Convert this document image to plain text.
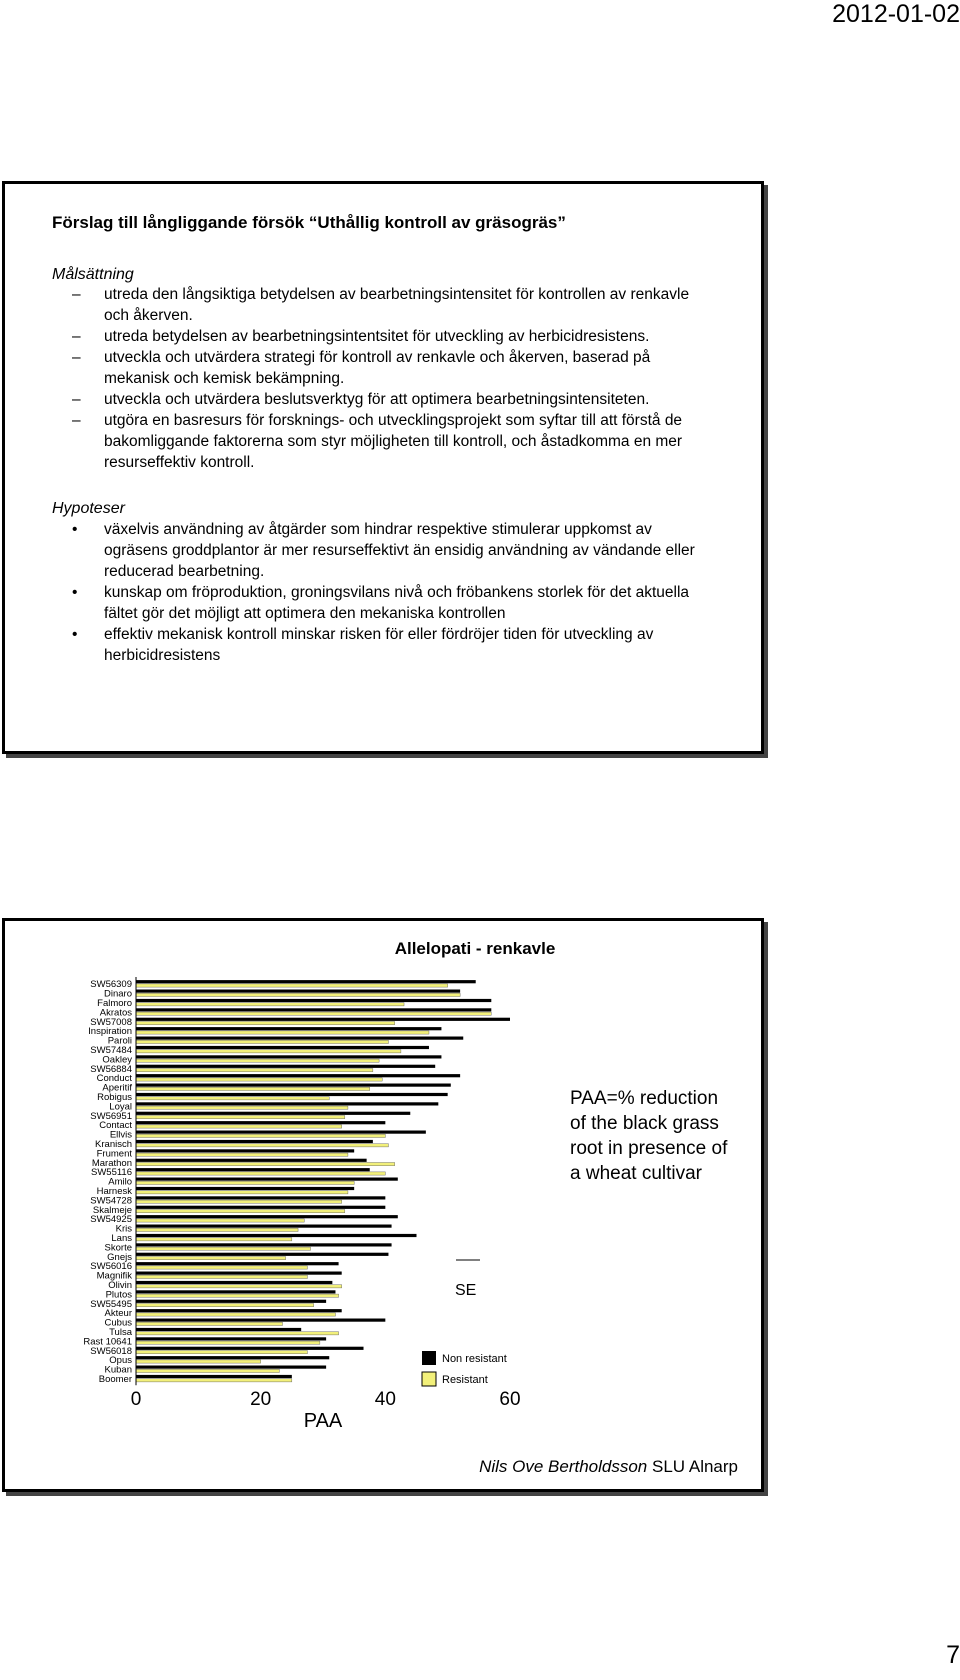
2012-01-02
Förslag till långliggande försök “Uthållig kontroll av gräsogräs”
Målsättning
– utreda den långsiktiga betydelsen av bearbetningsintensitet för kontrollen av renkavle och åkerven.
– utreda betydelsen av bearbetningsintentsitet för utveckling av herbicidresistens.
– utveckla och utvärdera strategi för kontroll av renkavle och åkerven, baserad på mekanisk och kemisk bekämpning.
– utveckla och utvärdera beslutsverktyg för att optimera bearbetningsintensiteten.
– utgöra en basresurs för forsknings- och utvecklingsprojekt som syftar till att förstå de bakomliggande faktorerna som styr möjligheten till kontroll, och åstadkomma en mer resurseffektiv kontroll.
Hypoteser
• växelvis användning av åtgärder som hindrar respektive stimulerar uppkomst av ogräsens groddplantor är mer resurseffektivt än ensidig användning av vändande eller reducerad bearbetning.
• kunskap om fröproduktion, groningsvilans nivå och fröbankens storlek för det aktuella fältet gör det möjligt att optimera den mekaniska kontrollen
• effektiv mekanisk kontroll minskar risken för eller fördröjer tiden för utveckling av herbicidresistens
Allelopati - renkavle
SW56309
Dinaro
Falmoro
Akratos
SW57008
Inspiration
Paroli
SW57484
Oakley
SW56884
Conduct
Aperitif
Robigus
Loyal
SW56951
Contact
Ellvis
Kranisch
Frument
Marathon
SW55116
Amilo
Harnesk
SW54728
Skalmeje
SW54925
Kris
Lans
Skorte
Gnejs
SW56016
Magnifik
Olivin
Plutos
SW55495
Akteur
Cubus
Tulsa
Rast 10641
SW56018
Opus
Kuban
Boomer
0	20	40	60
PAA
SE
Non resistant
Resistant
PAA=% reduction of the black grass root in presence of a wheat cultivar
Nils Ove Bertholdsson SLU Alnarp
7
